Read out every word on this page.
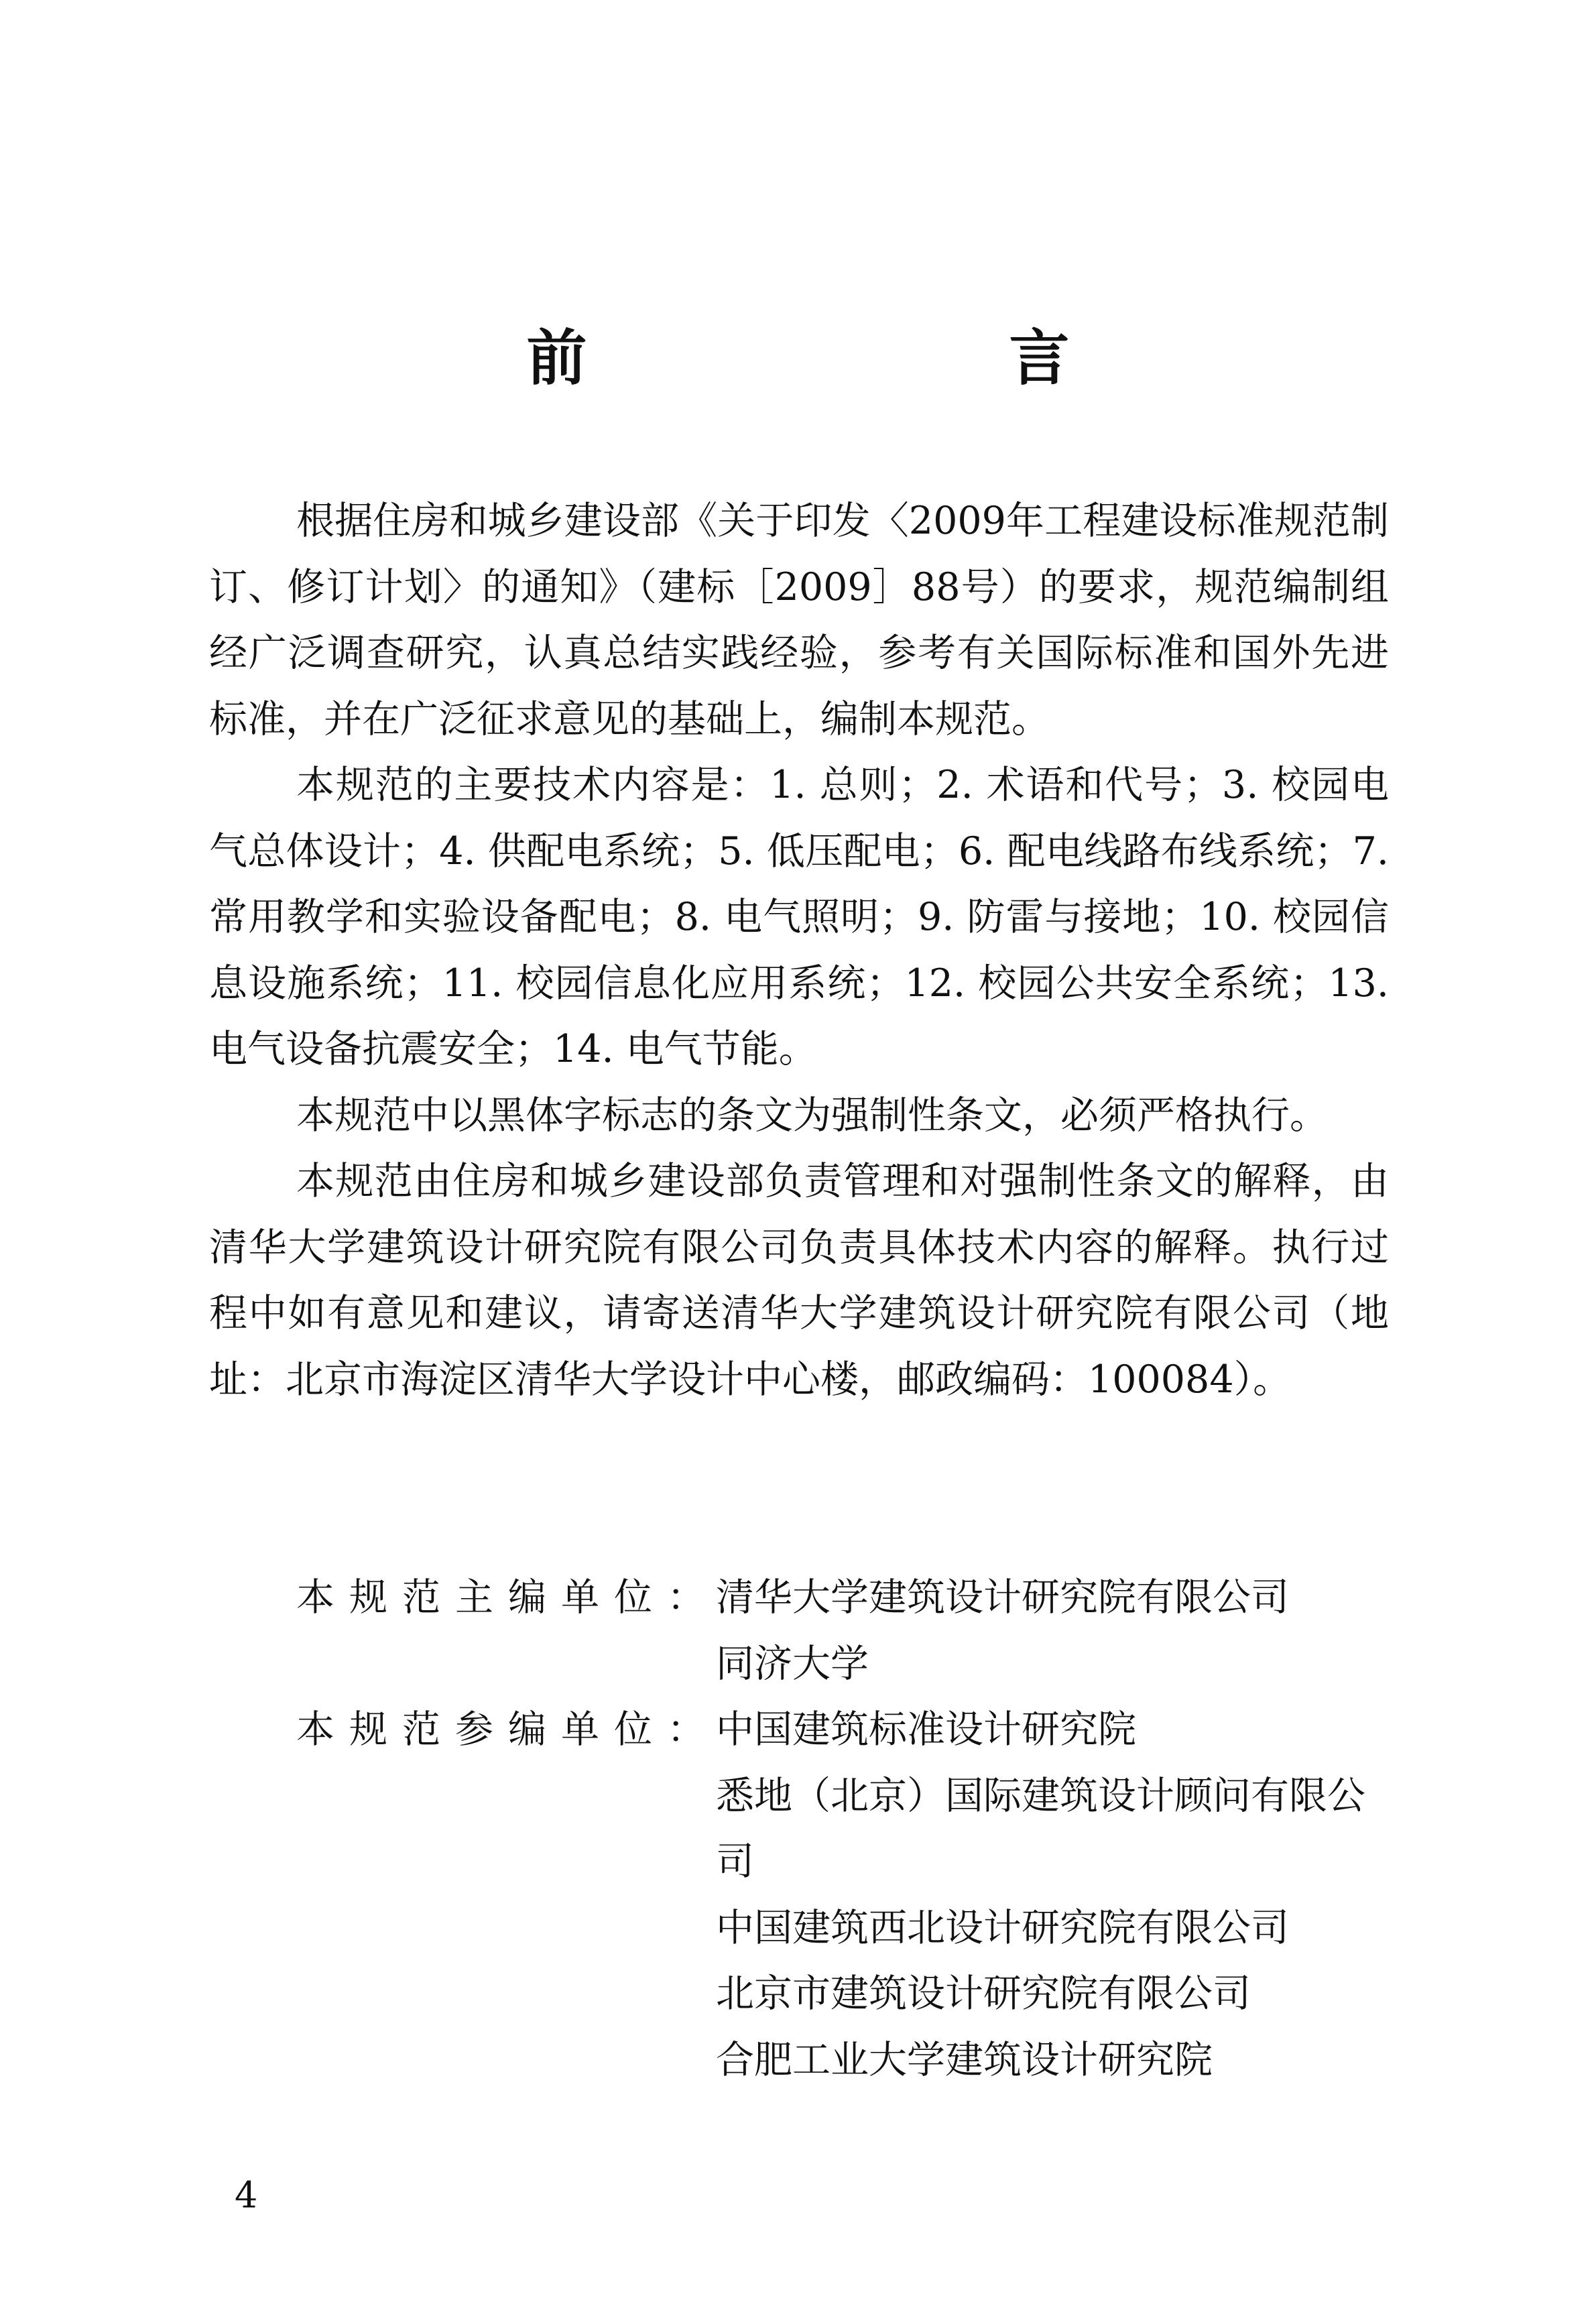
前　　言

根据住房和城乡建设部《关于印发〈2009年工程建设标准规范制订、修订计划〉的通知》（建标［2009］88号）的要求，规范编制组经广泛调查研究，认真总结实践经验，参考有关国际标准和国外先进标准，并在广泛征求意见的基础上，编制本规范。

本规范的主要技术内容是：1. 总则；2. 术语和代号；3. 校园电气总体设计；4. 供配电系统；5. 低压配电；6. 配电线路布线系统；7. 常用教学和实验设备配电；8. 电气照明；9. 防雷与接地；10. 校园信息设施系统；11. 校园信息化应用系统；12. 校园公共安全系统；13. 电气设备抗震安全；14. 电气节能。

本规范中以黑体字标志的条文为强制性条文，必须严格执行。

本规范由住房和城乡建设部负责管理和对强制性条文的解释，由清华大学建筑设计研究院有限公司负责具体技术内容的解释。执行过程中如有意见和建议，请寄送清华大学建筑设计研究院有限公司（地址：北京市海淀区清华大学设计中心楼，邮政编码：100084）。

本规范主编单位：
清华大学建筑设计研究院有限公司
同济大学
本规范参编单位：
中国建筑标准设计研究院
悉地（北京）国际建筑设计顾问有限公司
中国建筑西北设计研究院有限公司
北京市建筑设计研究院有限公司
合肥工业大学建筑设计研究院
4
